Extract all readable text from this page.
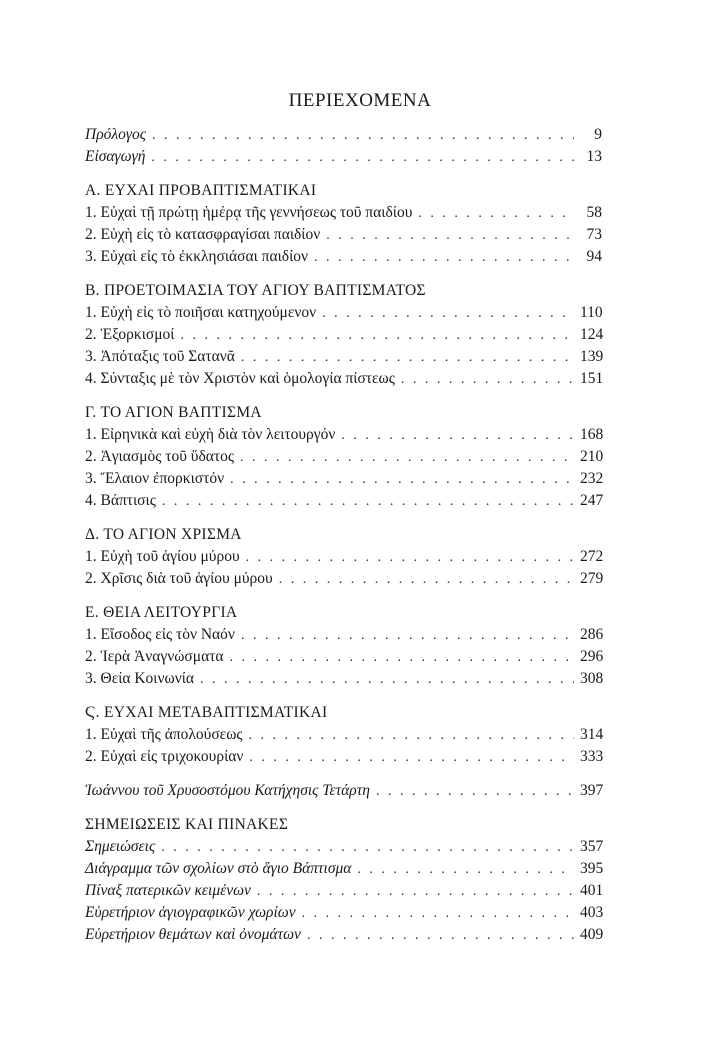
ΠΕΡΙΕΧΟΜΕΝΑ
Πρόλογος . . .	9
Εἰσαγωγή . . .	13
Α. ΕΥΧΑΙ ΠΡΟΒΑΠΤΙΣΜΑΤΙΚΑΙ
1. Εὐχαὶ τῇ πρώτῃ ἡμέρᾳ τῆς γεννήσεως τοῦ παιδίου . . .	58
2. Εὐχὴ εἰς τὸ κατασφραγίσαι παιδίον . . .	73
3. Εὐχαὶ εἰς τὸ ἐκκλησιάσαι παιδίον . . .	94
Β. ΠΡΟΕΤΟΙΜΑΣΙΑ ΤΟΥ ΑΓΙΟΥ ΒΑΠΤΙΣΜΑΤΟΣ
1. Εὐχὴ εἰς τὸ ποιῆσαι κατηχούμενον . . .	110
2. Ἐξορκισμοί . . .	124
3. Ἀπόταξις τοῦ Σατανᾶ . . .	139
4. Σύνταξις μὲ τὸν Χριστὸν καὶ ὁμολογία πίστεως . . .	151
Γ. ΤΟ ΑΓΙΟΝ ΒΑΠΤΙΣΜΑ
1. Εἰρηνικὰ καὶ εὐχὴ διὰ τὸν λειτουργόν . . .	168
2. Ἁγιασμὸς τοῦ ὕδατος . . .	210
3. Ἔλαιον ἐπορκιστόν . . .	232
4. Βάπτισις . . .	247
Δ. ΤΟ ΑΓΙΟΝ ΧΡΙΣΜΑ
1. Εὐχὴ τοῦ ἁγίου μύρου . . .	272
2. Χρῖσις διὰ τοῦ ἁγίου μύρου . . .	279
Ε. ΘΕΙΑ ΛΕΙΤΟΥΡΓΙΑ
1. Εἴσοδος εἰς τὸν Ναόν . . .	286
2. Ἱερὰ Ἀναγνώσματα . . .	296
3. Θεία Κοινωνία . . .	308
Ϛ. ΕΥΧΑΙ ΜΕΤΑΒΑΠΤΙΣΜΑΤΙΚΑΙ
1. Εὐχαὶ τῆς ἀπολούσεως . . .	314
2. Εὐχαὶ εἰς τριχοκουρίαν . . .	333
Ἰωάννου τοῦ Χρυσοστόμου Κατήχησις Τετάρτη . . .	397
ΣΗΜΕΙΩΣΕΙΣ ΚΑΙ ΠΙΝΑΚΕΣ
Σημειώσεις . . .	357
Διάγραμμα τῶν σχολίων στὸ ἅγιο Βάπτισμα . . .	395
Πίναξ πατερικῶν κειμένων . . .	401
Εὑρετήριον ἁγιογραφικῶν χωρίων . . .	403
Εὑρετήριον θεμάτων καὶ ὀνομάτων . . .	409
